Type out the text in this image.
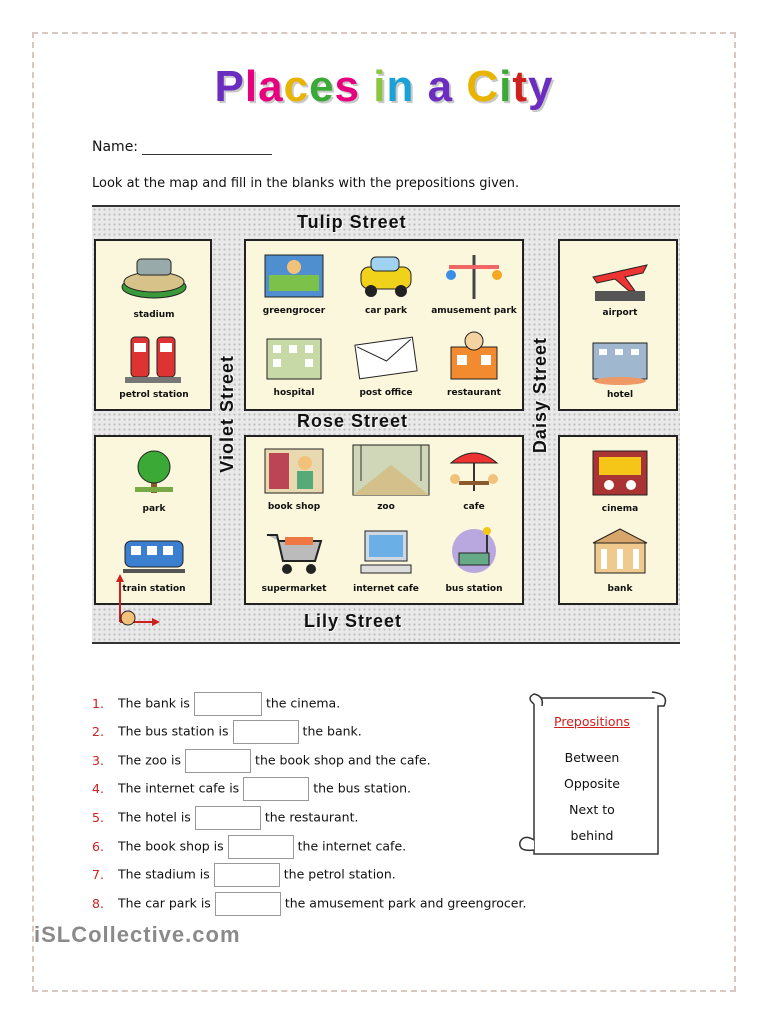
Places in a City
Name:
Look at the map and fill in the blanks with the prepositions given.
Tulip Street
Rose Street
Lily Street
Violet Street	Daisy Street
stadium
petrol station
greengrocer	car park	amusement park
hospital	post office	restaurant
airport
hotel
park
train station
book shop	zoo	cafe
supermarket	internet cafe	bus station
cinema
bank
1. The bank is	the cinema.
2. The bus station is	the bank.
3. The zoo is	the book shop and the cafe.
4. The internet cafe is	the bus station.
5. The hotel is	the restaurant.
6. The book shop is	the internet cafe.
7. The stadium is	the petrol station.
8. The car park is	the amusement park and greengrocer.
Prepositions
Between
Opposite
Next to
behind
iSLCollective.com
